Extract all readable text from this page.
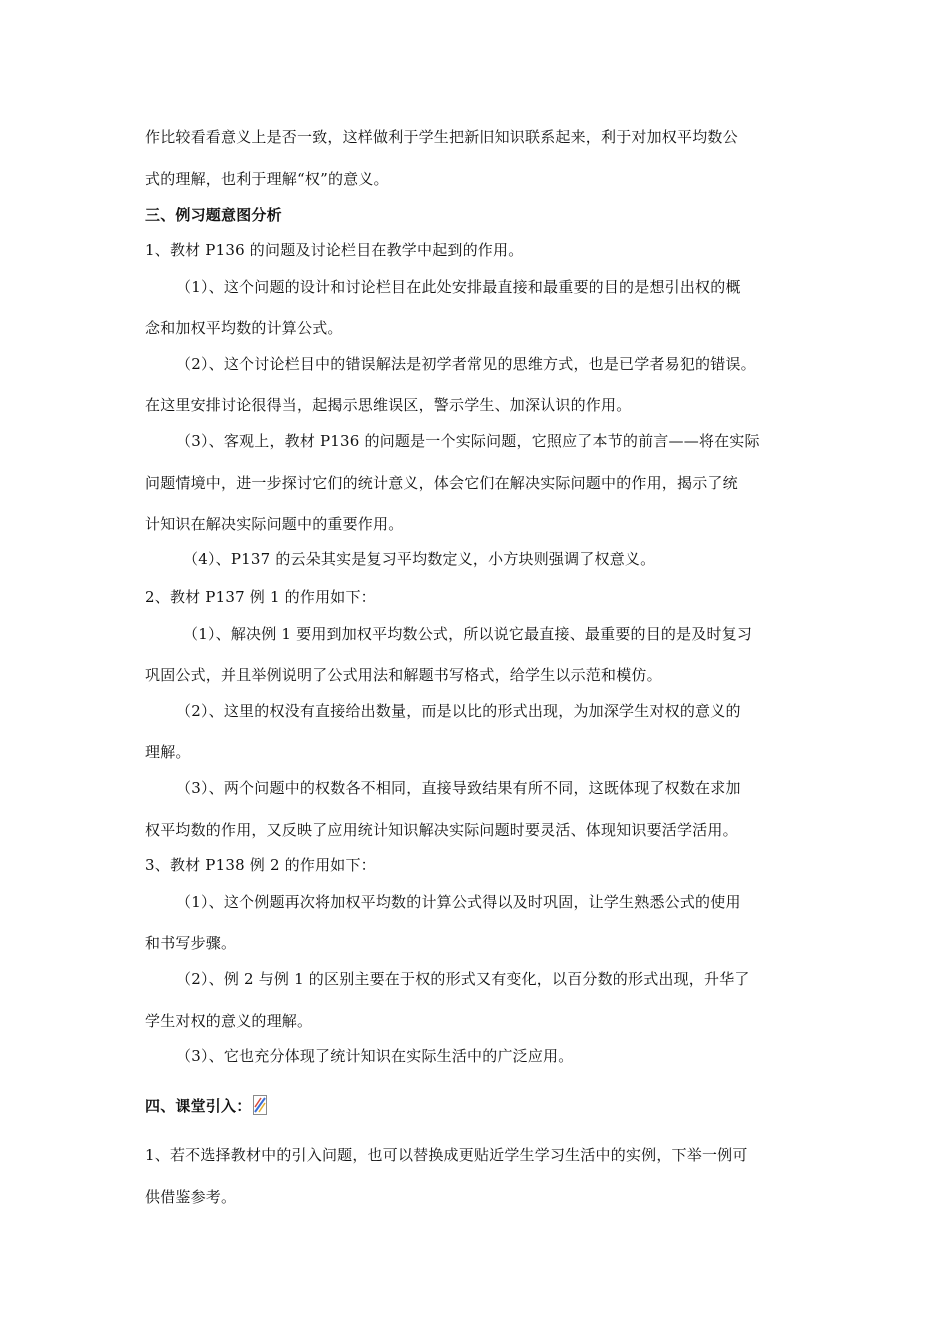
作比较看看意义上是否一致，这样做利于学生把新旧知识联系起来，利于对加权平均数公
式的理解，也利于理解“权”的意义。
三、例习题意图分析
1、教材 P136 的问题及讨论栏目在教学中起到的作用。
（1）、这个问题的设计和讨论栏目在此处安排最直接和最重要的目的是想引出权的概
念和加权平均数的计算公式。
（2）、这个讨论栏目中的错误解法是初学者常见的思维方式，也是已学者易犯的错误。
在这里安排讨论很得当，起揭示思维误区，警示学生、加深认识的作用。
（3）、客观上，教材 P136 的问题是一个实际问题，它照应了本节的前言——将在实际
问题情境中，进一步探讨它们的统计意义，体会它们在解决实际问题中的作用，揭示了统
计知识在解决实际问题中的重要作用。
（4）、P137 的云朵其实是复习平均数定义，小方块则强调了权意义。
2、教材 P137 例 1 的作用如下：
（1）、解决例 1 要用到加权平均数公式，所以说它最直接、最重要的目的是及时复习
巩固公式，并且举例说明了公式用法和解题书写格式，给学生以示范和模仿。
（2）、这里的权没有直接给出数量，而是以比的形式出现，为加深学生对权的意义的
理解。
（3）、两个问题中的权数各不相同，直接导致结果有所不同，这既体现了权数在求加
权平均数的作用，又反映了应用统计知识解决实际问题时要灵活、体现知识要活学活用。
3、教材 P138 例 2 的作用如下：
（1）、这个例题再次将加权平均数的计算公式得以及时巩固，让学生熟悉公式的使用
和书写步骤。
（2）、例 2 与例 1 的区别主要在于权的形式又有变化，以百分数的形式出现，升华了
学生对权的意义的理解。
（3）、它也充分体现了统计知识在实际生活中的广泛应用。
四、课堂引入：
1、若不选择教材中的引入问题，也可以替换成更贴近学生学习生活中的实例，下举一例可
供借鉴参考。
